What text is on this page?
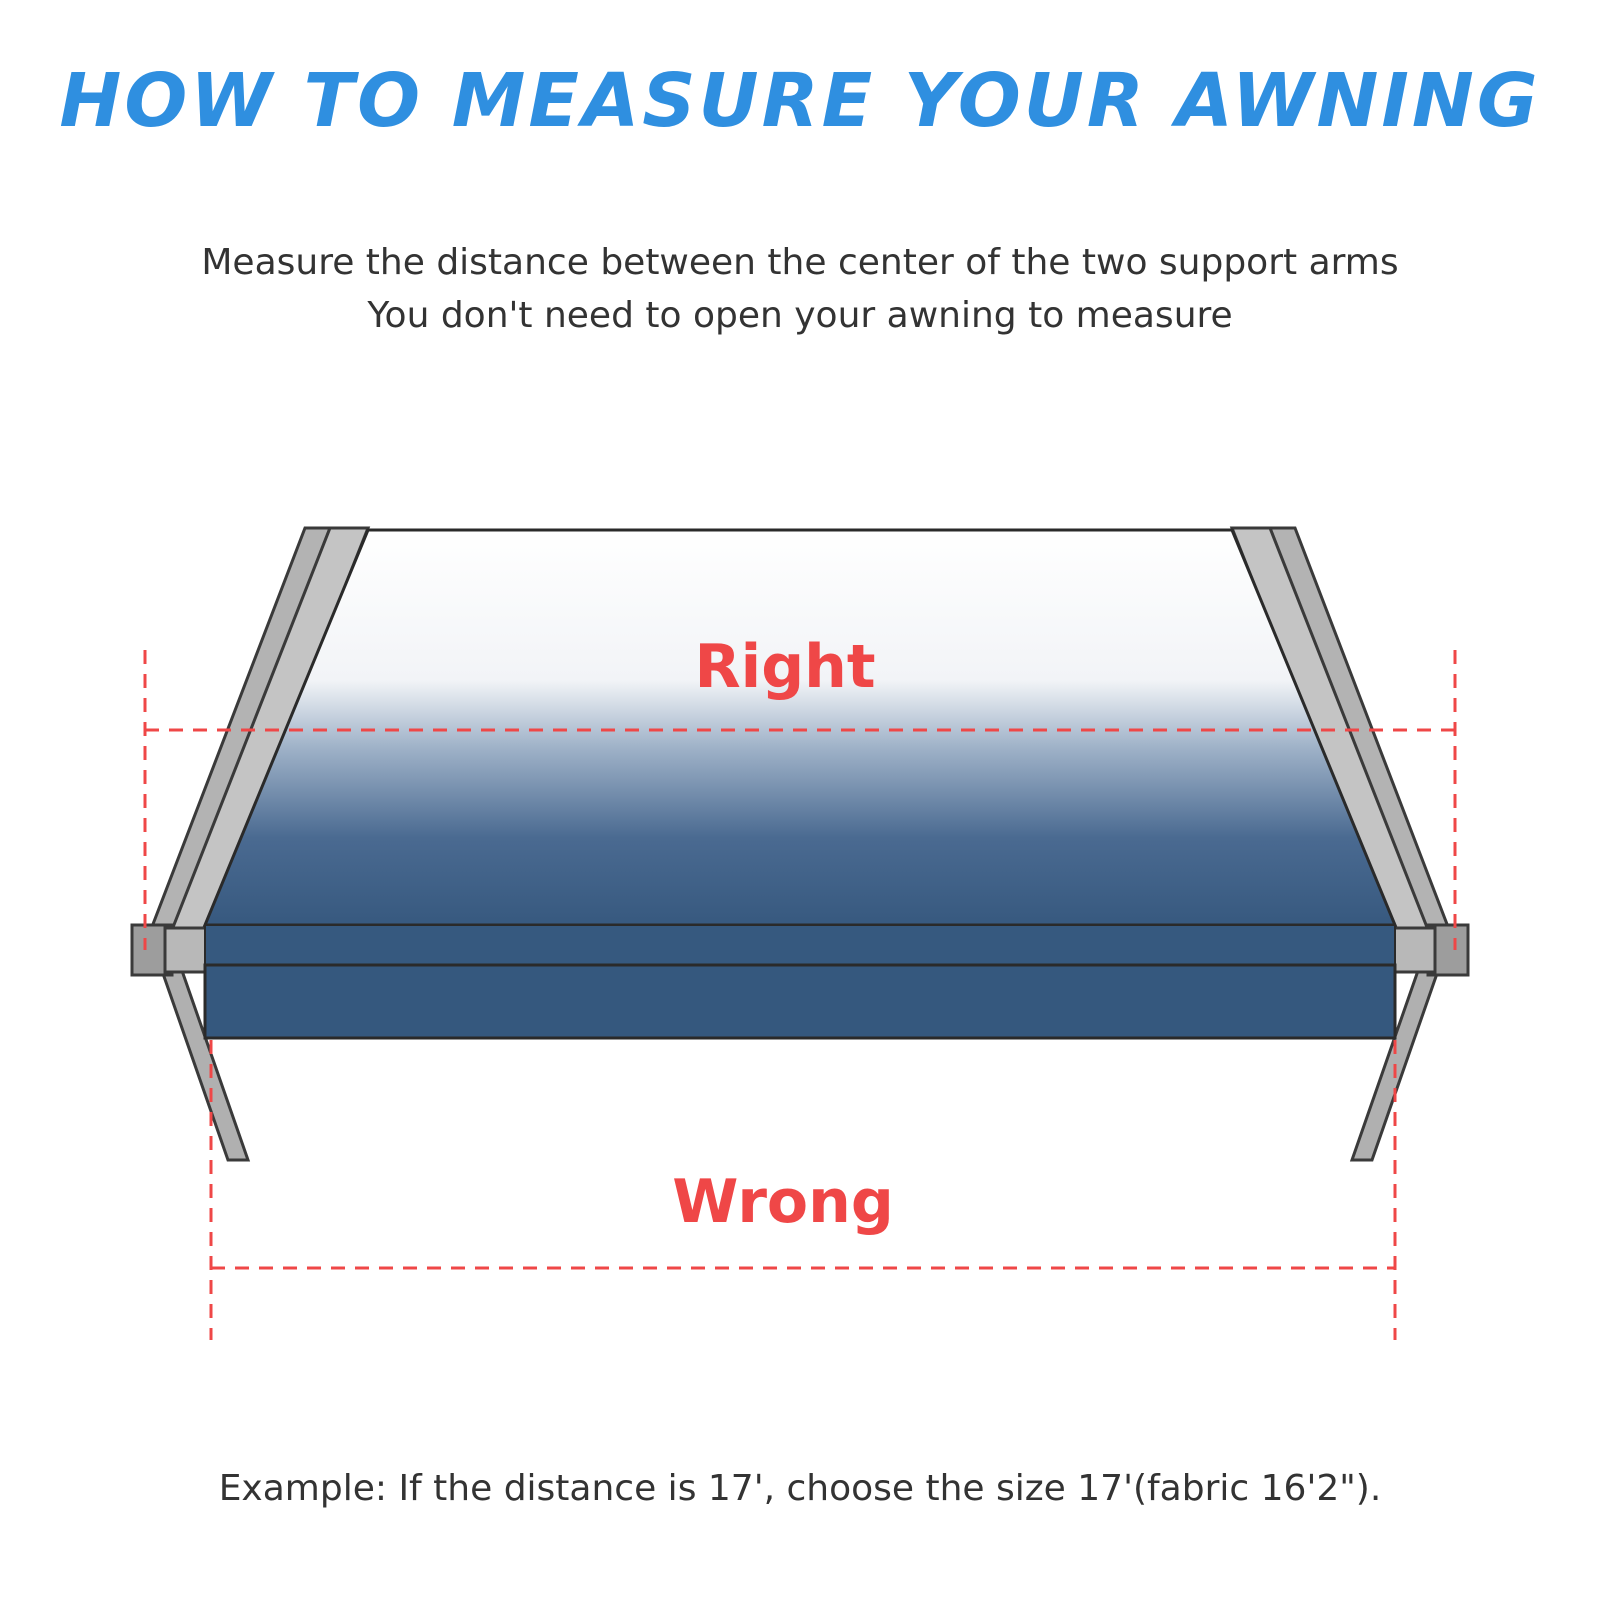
HOW TO MEASURE YOUR AWNING
Measure the distance between the center of the two support arms
You don't need to open your awning to measure
Right
Wrong
Example: If the distance is 17', choose the size 17'(fabric 16'2").
